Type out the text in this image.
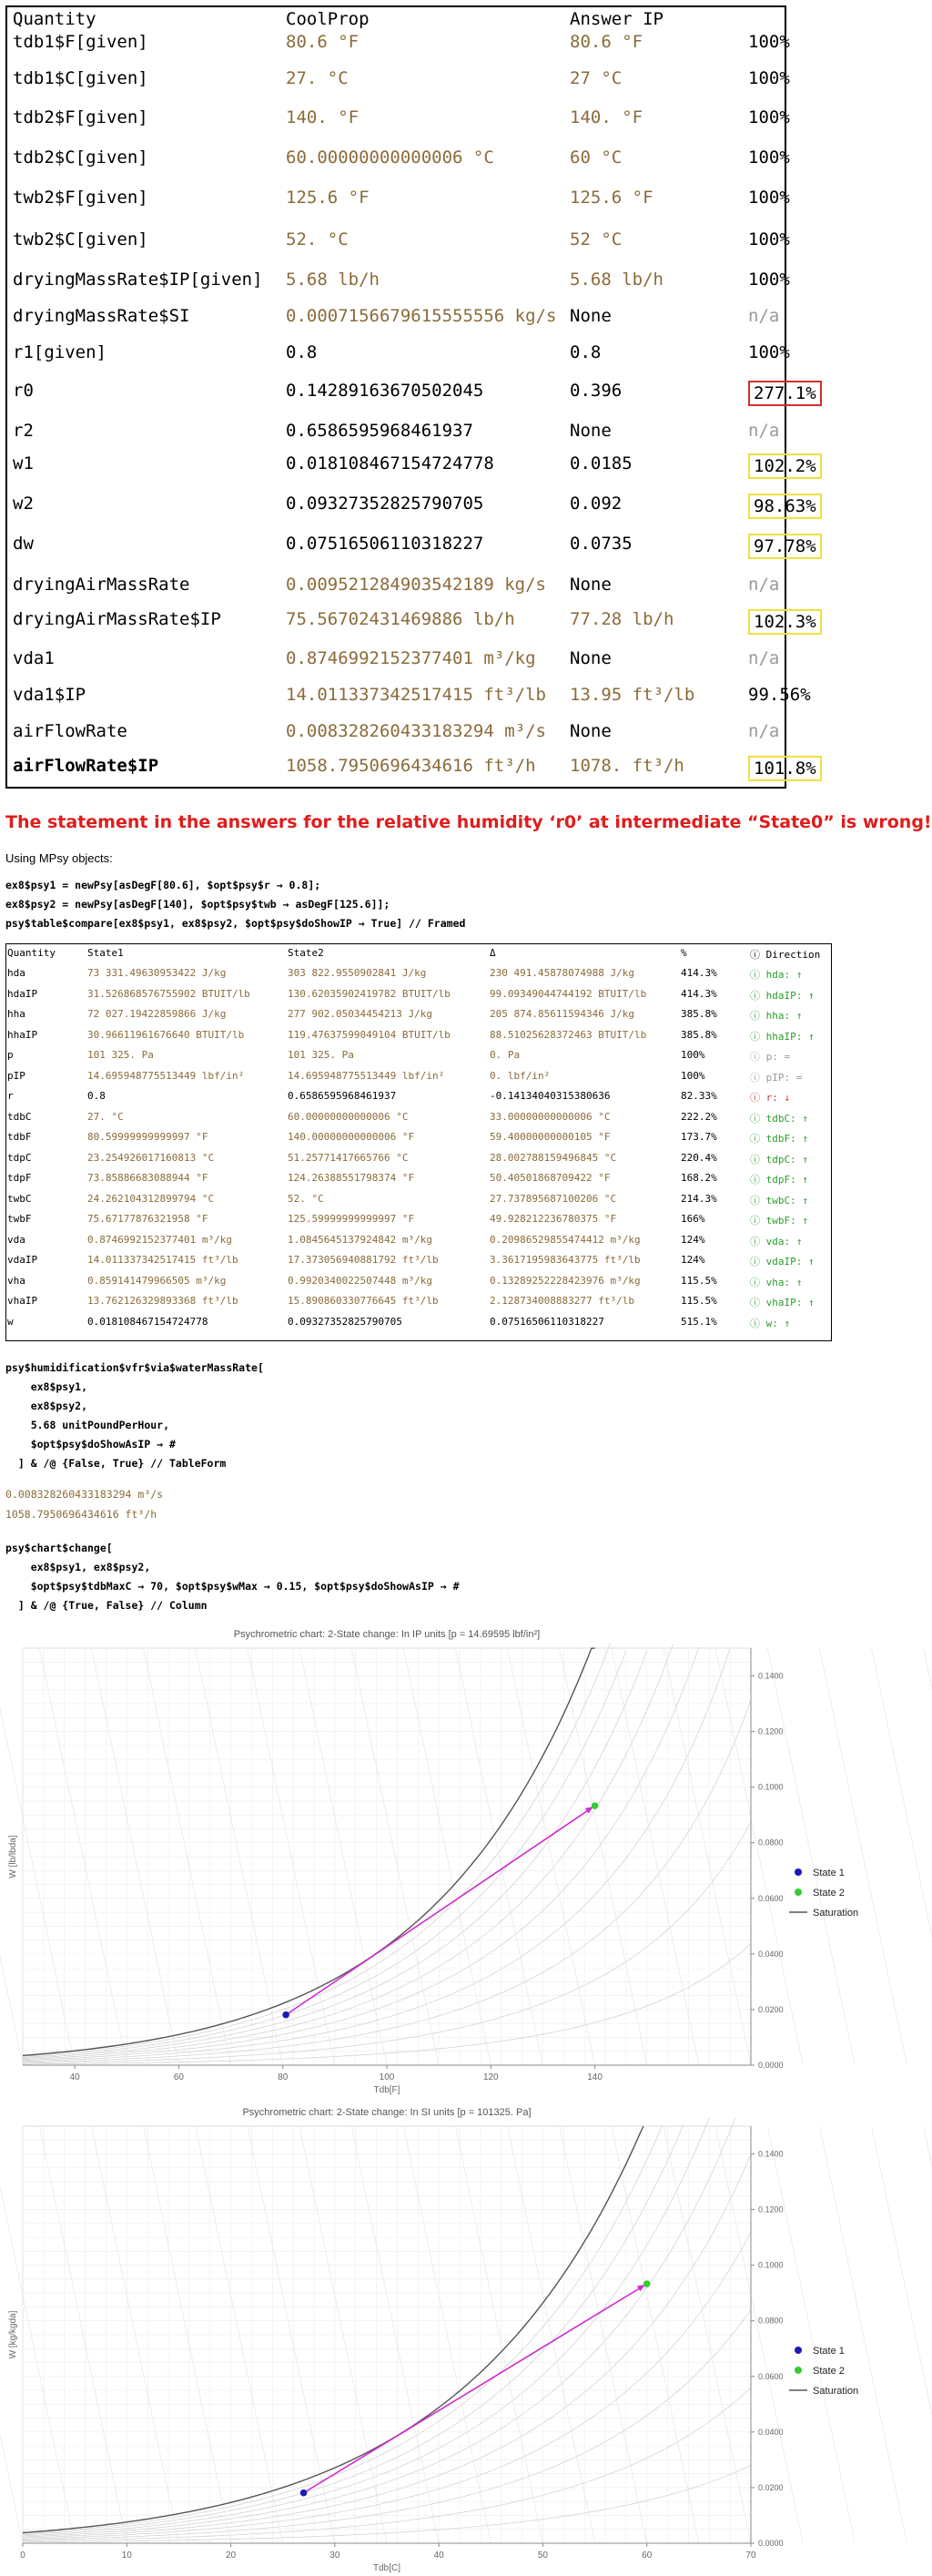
Quantity	CoolProp	Answer IP
tdb1$F[given]	80.6 °F	80.6 °F	100%
tdb1$C[given]	27. °C	27 °C	100%
tdb2$F[given]	140. °F	140. °F	100%
tdb2$C[given]	60.00000000000006 °C	60 °C	100%
twb2$F[given]	125.6 °F	125.6 °F	100%
twb2$C[given]	52. °C	52 °C	100%
dryingMassRate$IP[given] 5.68 lb/h	5.68 lb/h	100%
dryingMassRate$SI	0.0007156679615555556 kg/s None	n/a
r1[given]	0.8	0.8	100%
r0	0.14289163670502045	0.396	277.1%
r2	0.6586595968461937	None	n/a
w1	0.018108467154724778	0.0185	102.2%
w2	0.09327352825790705	0.092	98.63%
dw	0.07516506110318227	0.0735	97.78%
dryingAirMassRate	0.009521284903542189 kg/s None	n/a
dryingAirMassRate$IP	75.56702431469886 lb/h	77.28 lb/h	102.3%
vda1	0.8746992152377401 m³/kg None	n/a
vda1$IP	14.011337342517415 ft³/lb 13.95 ft³/lb	99.56%
airFlowRate	0.008328260433183294 m³/s None	n/a
airFlowRate$IP	1058.7950696434616 ft³/h 1078. ft³/h	101.8%
The statement in the answers for the relative humidity ‘r0’ at intermediate “State0” is wrong!
Using MPsy objects:
ex8$psy1 = newPsy[asDegF[80.6], $opt$psy$r → 0.8];
ex8$psy2 = newPsy[asDegF[140], $opt$psy$twb → asDegF[125.6]];
psy$table$compare[ex8$psy1, ex8$psy2, $opt$psy$doShowIP → True] // Framed
Quantity	State1	State2	Δ	%	ⓘ Direction
hda	73 331.49630953422 J/kg	303 822.9550902841 J/kg	230 491.45878074988 J/kg	414.3%	ⓘ hda: ↑
hdaIP	31.526868576755902 BTUIT/lb	130.62035902419782 BTUIT/lb	99.09349044744192 BTUIT/lb	414.3%	ⓘ hdaIP: ↑
hha	72 027.19422859866 J/kg	277 902.05034454213 J/kg	205 874.85611594346 J/kg	385.8%	ⓘ hha: ↑
hhaIP	30.96611961676640 BTUIT/lb	119.47637599049104 BTUIT/lb	88.51025628372463 BTUIT/lb	385.8%	ⓘ hhaIP: ↑
p	101 325. Pa	101 325. Pa	0. Pa	100%	ⓘ p: =
pIP	14.695948775513449 lbf/in²	14.695948775513449 lbf/in²	0. lbf/in²	100%	ⓘ pIP: =
r	0.8	0.6586595968461937	-0.14134040315380636	82.33%	ⓘ r: ↓
tdbC	27. °C	60.00000000000006 °C	33.00000000000006 °C	222.2%	ⓘ tdbC: ↑
tdbF	80.59999999999997 °F	140.00000000000006 °F	59.40000000000105 °F	173.7%	ⓘ tdbF: ↑
tdpC	23.254926017160813 °C	51.25771417665766 °C	28.002788159496845 °C	220.4%	ⓘ tdpC: ↑
tdpF	73.85886683088944 °F	124.26388551798374 °F	50.40501868709422 °F	168.2%	ⓘ tdpF: ↑
twbC	24.262104312899794 °C	52. °C	27.737895687100206 °C	214.3%	ⓘ twbC: ↑
twbF	75.67177876321958 °F	125.59999999999997 °F	49.928212236780375 °F	166%	ⓘ twbF: ↑
vda	0.8746992152377401 m³/kg	1.0845645137924842 m³/kg	0.20986529855474412 m³/kg	124%	ⓘ vda: ↑
vdaIP	14.011337342517415 ft³/lb	17.373056940881792 ft³/lb	3.3617195983643775 ft³/lb	124%	ⓘ vdaIP: ↑
vha	0.859141479966505 m³/kg	0.9920340022507448 m³/kg	0.13289252228423976 m³/kg	115.5%	ⓘ vha: ↑
vhaIP	13.762126329893368 ft³/lb	15.890860330776645 ft³/lb	2.128734008883277 ft³/lb	115.5%	ⓘ vhaIP: ↑
w	0.018108467154724778	0.09327352825790705	0.07516506110318227	515.1%	ⓘ w: ↑
psy$humidification$vfr$via$waterMassRate[
ex8$psy1,
ex8$psy2,
5.68 unitPoundPerHour,
$opt$psy$doShowAsIP → #
] & /@ {False, True} // TableForm
0.008328260433183294 m³/s
1058.7950696434616 ft³/h
psy$chart$change[
ex8$psy1, ex8$psy2,
$opt$psy$tdbMaxC → 70, $opt$psy$wMax → 0.15, $opt$psy$doShowAsIP → #
] & /@ {True, False} // Column
Psychrometric chart: 2-State change: In IP units [p = 14.69595 lbf/in²]
40	60	80	100	120	140
0.0000
0.0200
0.0400
0.0600
0.0800
0.1000
0.1200
0.1400
Tdb[F]
W [lb/lbda]	State 1
State 2
Saturation
Psychrometric chart: 2-State change: In SI units [p = 101325. Pa]
0	10	20	30	40	50	60	70
0.0000
0.0200
0.0400
0.0600
0.0800
0.1000
0.1200
0.1400
Tdb[C]
W [kg/kgda]	State 1
State 2
Saturation
